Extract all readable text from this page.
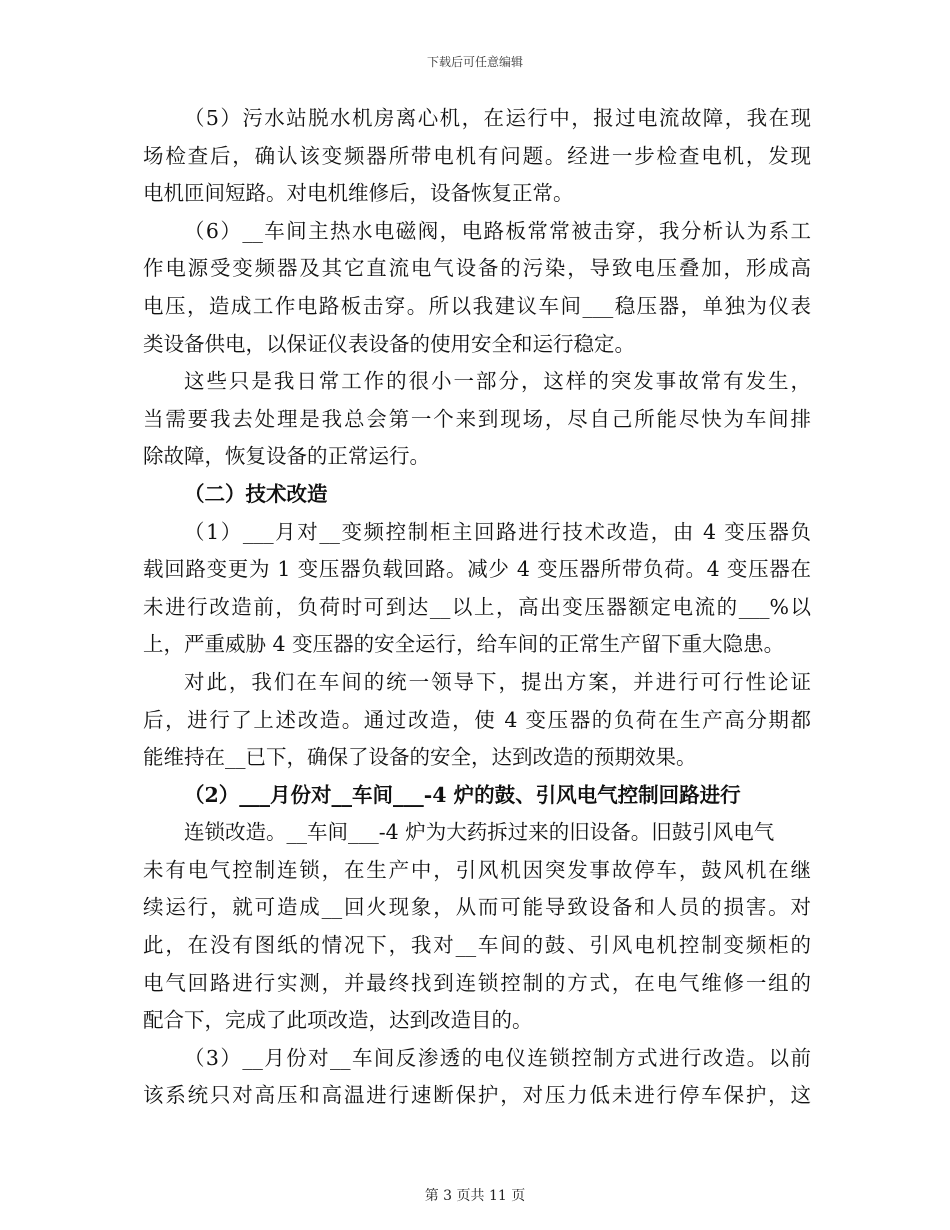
下载后可任意编辑
（5）污水站脱水机房离心机，在运行中，报过电流故障，我在现
场检查后，确认该变频器所带电机有问题。经进一步检查电机，发现
电机匝间短路。对电机维修后，设备恢复正常。
（6）__车间主热水电磁阀，电路板常常被击穿，我分析认为系工
作电源受变频器及其它直流电气设备的污染，导致电压叠加，形成高
电压，造成工作电路板击穿。所以我建议车间___稳压器，单独为仪表
类设备供电，以保证仪表设备的使用安全和运行稳定。
这些只是我日常工作的很小一部分，这样的突发事故常有发生，
当需要我去处理是我总会第一个来到现场，尽自己所能尽快为车间排
除故障，恢复设备的正常运行。
（二）技术改造
（1）___月对__变频控制柜主回路进行技术改造，由 4 变压器负
载回路变更为 1 变压器负载回路。减少 4 变压器所带负荷。4 变压器在
未进行改造前，负荷时可到达__以上，高出变压器额定电流的___%以
上，严重威胁 4 变压器的安全运行，给车间的正常生产留下重大隐患。
对此，我们在车间的统一领导下，提出方案，并进行可行性论证
后，进行了上述改造。通过改造，使 4 变压器的负荷在生产高分期都
能维持在__已下，确保了设备的安全，达到改造的预期效果。
（2）___月份对__车间___-4 炉的鼓、引风电气控制回路进行
连锁改造。__车间___-4 炉为大药拆过来的旧设备。旧鼓引风电气
未有电气控制连锁，在生产中，引风机因突发事故停车，鼓风机在继
续运行，就可造成__回火现象，从而可能导致设备和人员的损害。对
此，在没有图纸的情况下，我对__车间的鼓、引风电机控制变频柜的
电气回路进行实测，并最终找到连锁控制的方式，在电气维修一组的
配合下，完成了此项改造，达到改造目的。
（3）__月份对__车间反渗透的电仪连锁控制方式进行改造。以前
该系统只对高压和高温进行速断保护，对压力低未进行停车保护，这
第 3 页共 11 页
